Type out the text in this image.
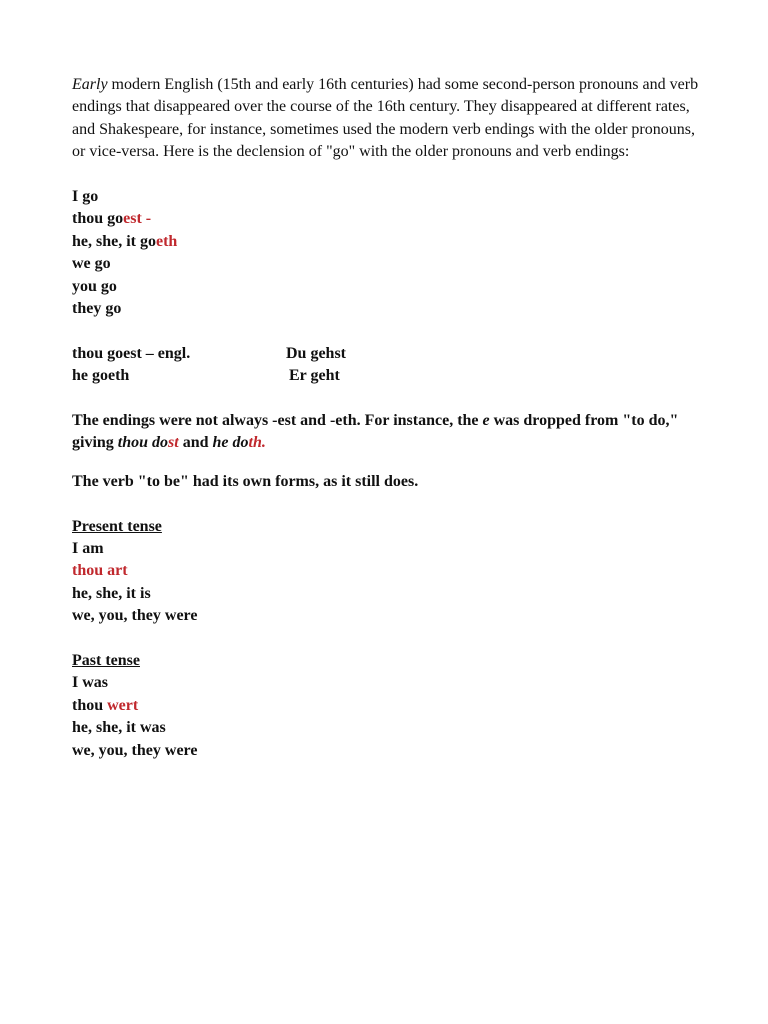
Early modern English (15th and early 16th centuries) had some second-person pronouns and verb endings that disappeared over the course of the 16th century. They disappeared at different rates, and Shakespeare, for instance, sometimes used the modern verb endings with the older pronouns, or vice-versa. Here is the declension of "go" with the older pronouns and verb endings:

I go
thou goest -
he, she, it goeth
we go
you go
they go
thou goest – engl.	Du gehst
he goeth	Er geht

The endings were not always -est and -eth. For instance, the e was dropped from "to do," giving thou dost and he doth.

The verb "to be" had its own forms, as it still does.

Present tense
I am
thou art
he, she, it is
we, you, they were
Past tense
I was
thou wert
he, she, it was
we, you, they were
